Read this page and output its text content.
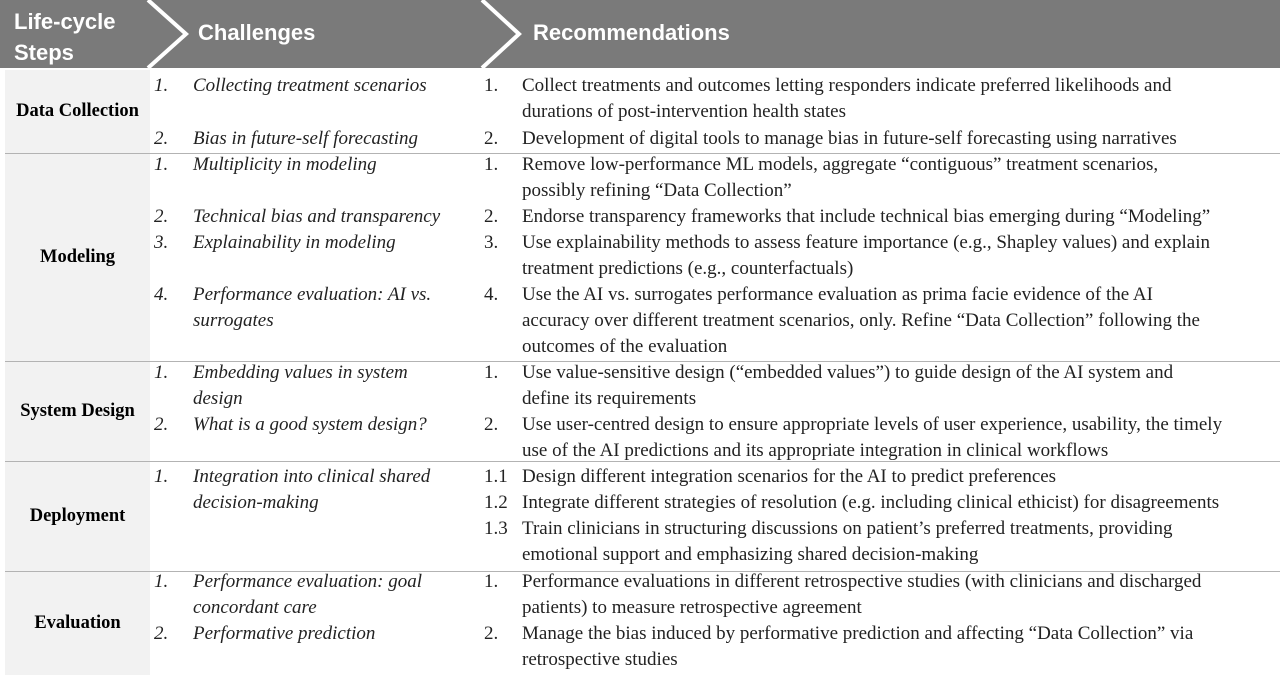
Life-cycle Steps
Challenges	Recommendations
Data Collection
Modeling
System Design
Deployment
Evaluation
1. Collecting treatment scenarios
2. Bias in future-self forecasting
1. Multiplicity in modeling
2. Technical bias and transparency
3. Explainability in modeling
4. Performance evaluation: AI vs.
surrogates
1. Embedding values in system
design
2. What is a good system design?
1. Integration into clinical shared
decision-making
1. Performance evaluation: goal
concordant care
2. Performative prediction
1. Collect treatments and outcomes letting responders indicate preferred likelihoods and
durations of post-intervention health states
2. Development of digital tools to manage bias in future-self forecasting using narratives
1. Remove low-performance ML models, aggregate “contiguous” treatment scenarios,
possibly refining “Data Collection”
2. Endorse transparency frameworks that include technical bias emerging during “Modeling”
3. Use explainability methods to assess feature importance (e.g., Shapley values) and explain
treatment predictions (e.g., counterfactuals)
4. Use the AI vs. surrogates performance evaluation as prima facie evidence of the AI
accuracy over different treatment scenarios, only. Refine “Data Collection” following the
outcomes of the evaluation
1. Use value-sensitive design (“embedded values”) to guide design of the AI system and
define its requirements
2. Use user-centred design to ensure appropriate levels of user experience, usability, the timely
use of the AI predictions and its appropriate integration in clinical workflows
1.1 Design different integration scenarios for the AI to predict preferences
1.2 Integrate different strategies of resolution (e.g. including clinical ethicist) for disagreements
1.3 Train clinicians in structuring discussions on patient’s preferred treatments, providing
emotional support and emphasizing shared decision-making
1. Performance evaluations in different retrospective studies (with clinicians and discharged
patients) to measure retrospective agreement
2. Manage the bias induced by performative prediction and affecting “Data Collection” via
retrospective studies
